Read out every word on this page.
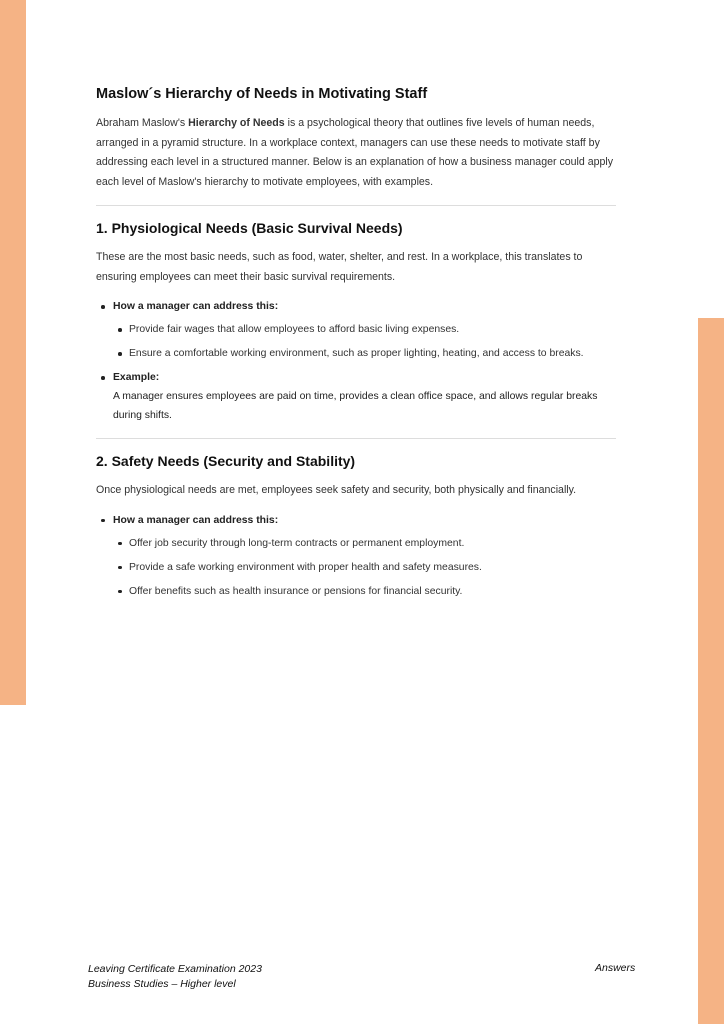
Maslow´s Hierarchy of Needs in Motivating Staff

Abraham Maslow's Hierarchy of Needs is a psychological theory that outlines five levels of human needs, arranged in a pyramid structure. In a workplace context, managers can use these needs to motivate staff by addressing each level in a structured manner. Below is an explanation of how a business manager could apply each level of Maslow's hierarchy to motivate employees, with examples.

1. Physiological Needs (Basic Survival Needs)

These are the most basic needs, such as food, water, shelter, and rest. In a workplace, this translates to ensuring employees can meet their basic survival requirements.

How a manager can address this:
Provide fair wages that allow employees to afford basic living expenses.
Ensure a comfortable working environment, such as proper lighting, heating, and access to breaks.
Example:
A manager ensures employees are paid on time, provides a clean office space, and allows regular breaks during shifts.
2. Safety Needs (Security and Stability)

Once physiological needs are met, employees seek safety and security, both physically and financially.

How a manager can address this:
Offer job security through long-term contracts or permanent employment.
Provide a safe working environment with proper health and safety measures.
Offer benefits such as health insurance or pensions for financial security.
Leaving Certificate Examination 2023
Business Studies – Higher level
Answers
